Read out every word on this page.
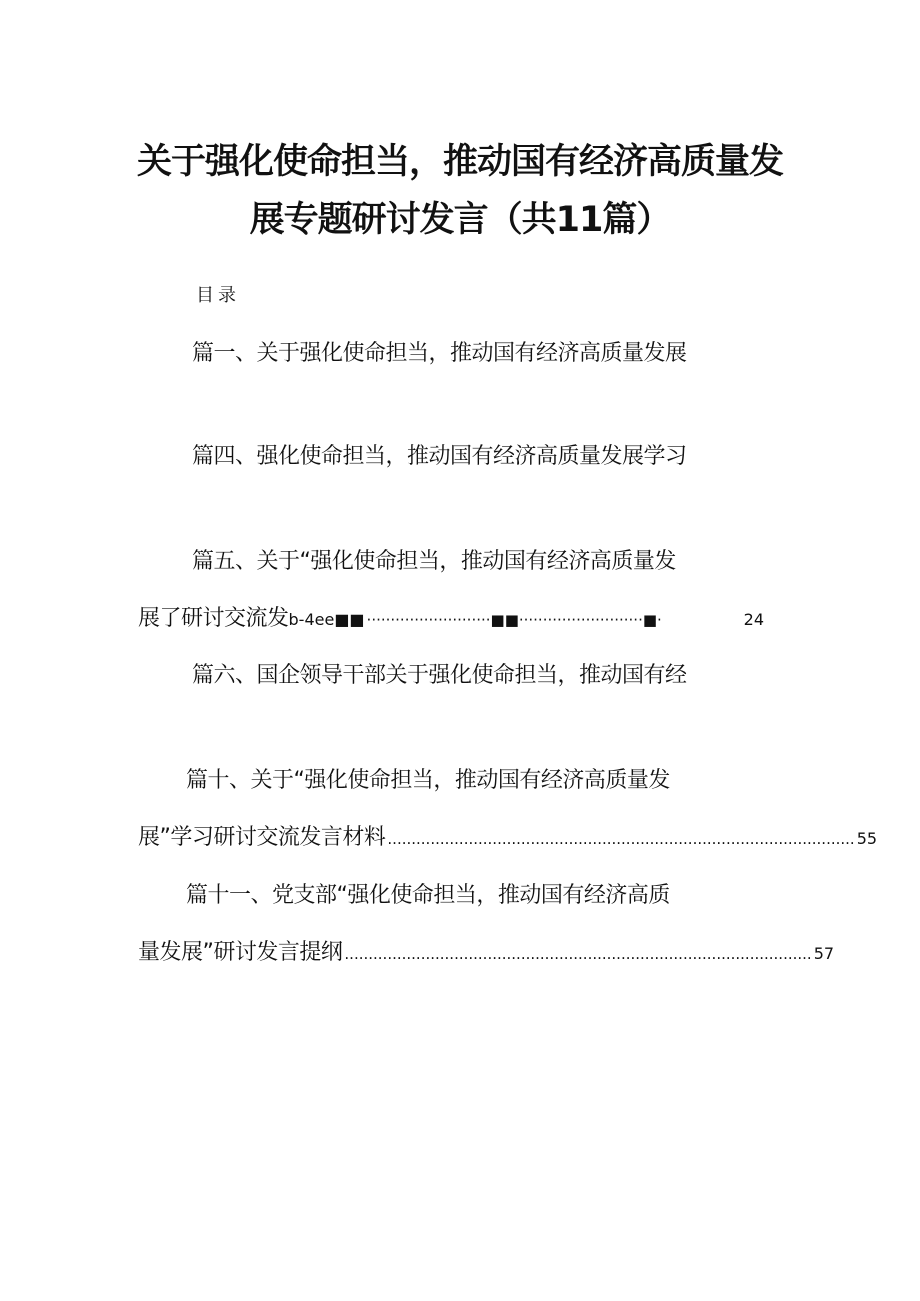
关于强化使命担当，推动国有经济高质量发
展专题研讨发言（共11篇）
目录
篇一、关于强化使命担当，推动国有经济高质量发展
篇四、强化使命担当，推动国有经济高质量发展学习
篇五、关于“强化使命担当，推动国有经济高质量发
展了研讨交流发b-4ee■■ ··························■■··························■·	24
篇六、国企领导干部关于强化使命担当，推动国有经
篇十、关于“强化使命担当，推动国有经济高质量发
展”学习研讨交流发言材料 .................................................................................................. 55
篇十一、党支部“强化使命担当，推动国有经济高质
量发展”研讨发言提纲 .................................................................................................. 57
